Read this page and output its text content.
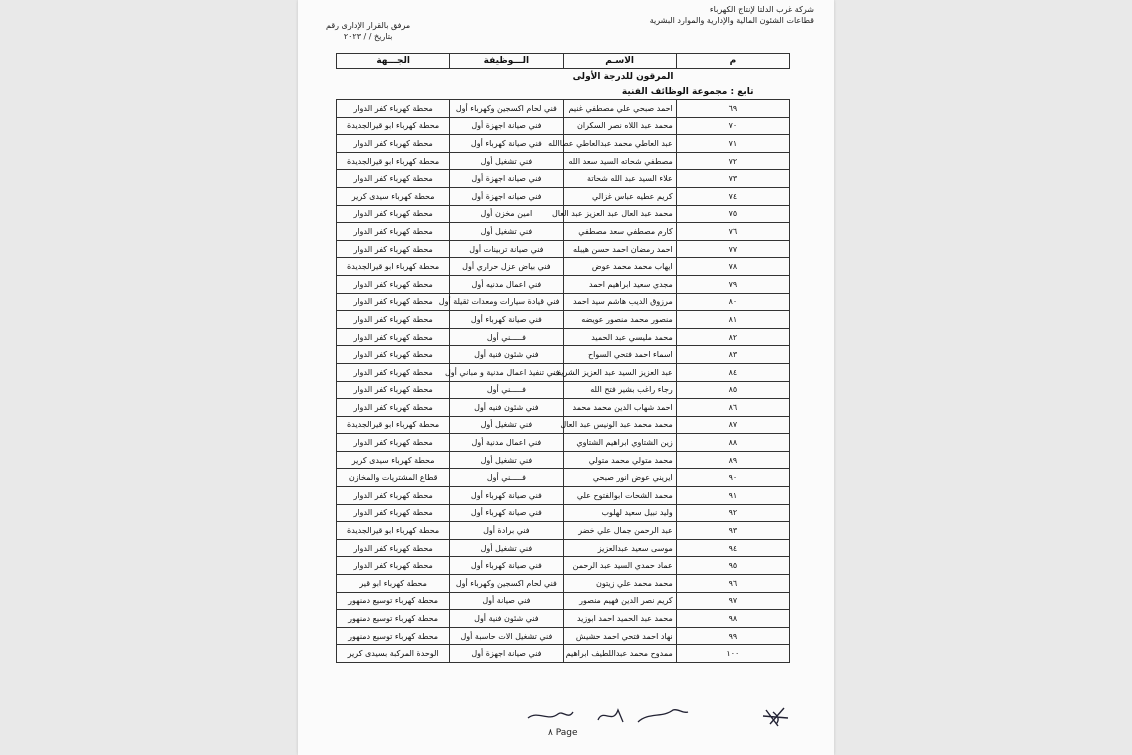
شركة غرب الدلتا لإنتاج الكهرباء
قطاعات الشئون المالية والإدارية والموارد البشرية
مرفق بالقرار الإدارى رقم
بتاريخ / / ٢٠٢٣
م	الاسـم	الـــوظيفة	الجـــهة
المرقون للدرجة الأولى			
تابع : مجموعة الوظائف الفنية			
٦٩	احمد صبحي علي مصطفي غنيم	فني لحام اكسجين وكهرباء أول	محطة كهرباء كفر الدوار
٧٠	محمد عبد اللاه نصر السكران	فني صيانة اجهزة أول	محطة كهرباء ابو قيرالجديدة
٧١	عبد العاطي محمد عبدالعاطي عطاالله	فني صيانة كهرباء أول	محطة كهرباء كفر الدوار
٧٢	مصطفي شحاته السيد سعد الله	فني تشغيل أول	محطة كهرباء ابو قيرالجديدة
٧٣	علاء السيد عبد الله شحاتة	فني صيانة اجهزة أول	محطة كهرباء كفر الدوار
٧٤	كريم عطيه عباس غزالي	فني صيانه اجهزة أول	محطة كهرباء سيدى كرير
٧٥	محمد عبد العال عبد العزيز عبد العال	امين مخزن أول	محطة كهرباء كفر الدوار
٧٦	كارم مصطفي سعد مصطفي	فني تشغيل أول	محطة كهرباء كفر الدوار
٧٧	احمد رمضان احمد حسن هيبله	فني صيانة تربينات أول	محطة كهرباء كفر الدوار
٧٨	ايهاب محمد محمد عوض	فني بياض عزل حراري أول	محطة كهرباء ابو قيرالجديدة
٧٩	مجدي سعيد ابراهيم احمد	فني اعمال مدنيه أول	محطة كهرباء كفر الدوار
٨٠	مرزوق الديب هاشم سيد احمد	فني قيادة سيارات ومعدات ثقيلة أول	محطة كهرباء كفر الدوار
٨١	منصور محمد منصور عويضه	فني صيانة كهرباء أول	محطة كهرباء كفر الدوار
٨٢	محمد مليسي عبد الحميد	فـــــني أول	محطة كهرباء كفر الدوار
٨٣	اسماء احمد فتحي السواح	فني شئون فنية أول	محطة كهرباء كفر الدوار
٨٤	عبد العزيز السيد عبد العزيز الشريف	فني تنفيذ اعمال مدنية و مباني أول	محطة كهرباء كفر الدوار
٨٥	رجاء راغب بشير فتح الله	فـــــني أول	محطة كهرباء كفر الدوار
٨٦	احمد شهاب الدين محمد محمد	فني شئون فنيه أول	محطة كهرباء كفر الدوار
٨٧	محمد محمد عبد الونيس عبد العال	فني تشغيل أول	محطة كهرباء ابو قيرالجديدة
٨٨	زين الشتاوي ابراهيم الشتاوي	فني اعمال مدنية أول	محطة كهرباء كفر الدوار
٨٩	محمد متولي محمد متولي	فني تشغيل أول	محطة كهرباء سيدى كرير
٩٠	ايريني عوض انور صبحي	فـــــني أول	قطاع المشتريات والمخازن
٩١	محمد الشحات ابوالفتوح علي	فني صيانة كهرباء أول	محطة كهرباء كفر الدوار
٩٢	وليد نبيل سعيد لهلوب	فني صيانة كهرباء أول	محطة كهرباء كفر الدوار
٩٣	عبد الرحمن جمال علي خضر	فني برادة أول	محطة كهرباء ابو قيرالجديدة
٩٤	موسى سعيد عبدالعزيز	فني تشغيل أول	محطة كهرباء كفر الدوار
٩٥	عماد حمدي السيد عبد الرحمن	فني صيانة كهرباء أول	محطة كهرباء كفر الدوار
٩٦	محمد محمد علي زيتون	فني لحام اكسجين وكهرباء أول	محطة كهرباء ابو قير
٩٧	كريم نصر الدين فهيم منصور	فني صيانة أول	محطة كهرباء توسيع دمنهور
٩٨	محمد عبد الحميد احمد ابوزيد	فني شئون فنية أول	محطة كهرباء توسيع دمنهور
٩٩	نهاد احمد فتحي احمد حشيش	فني تشغيل الات حاسبة أول	محطة كهرباء توسيع دمنهور
١٠٠	ممدوح محمد عبداللطيف ابراهيم	فني صيانة اجهزة أول	الوحدة المركبة بسيدى كرير
Page ٨
